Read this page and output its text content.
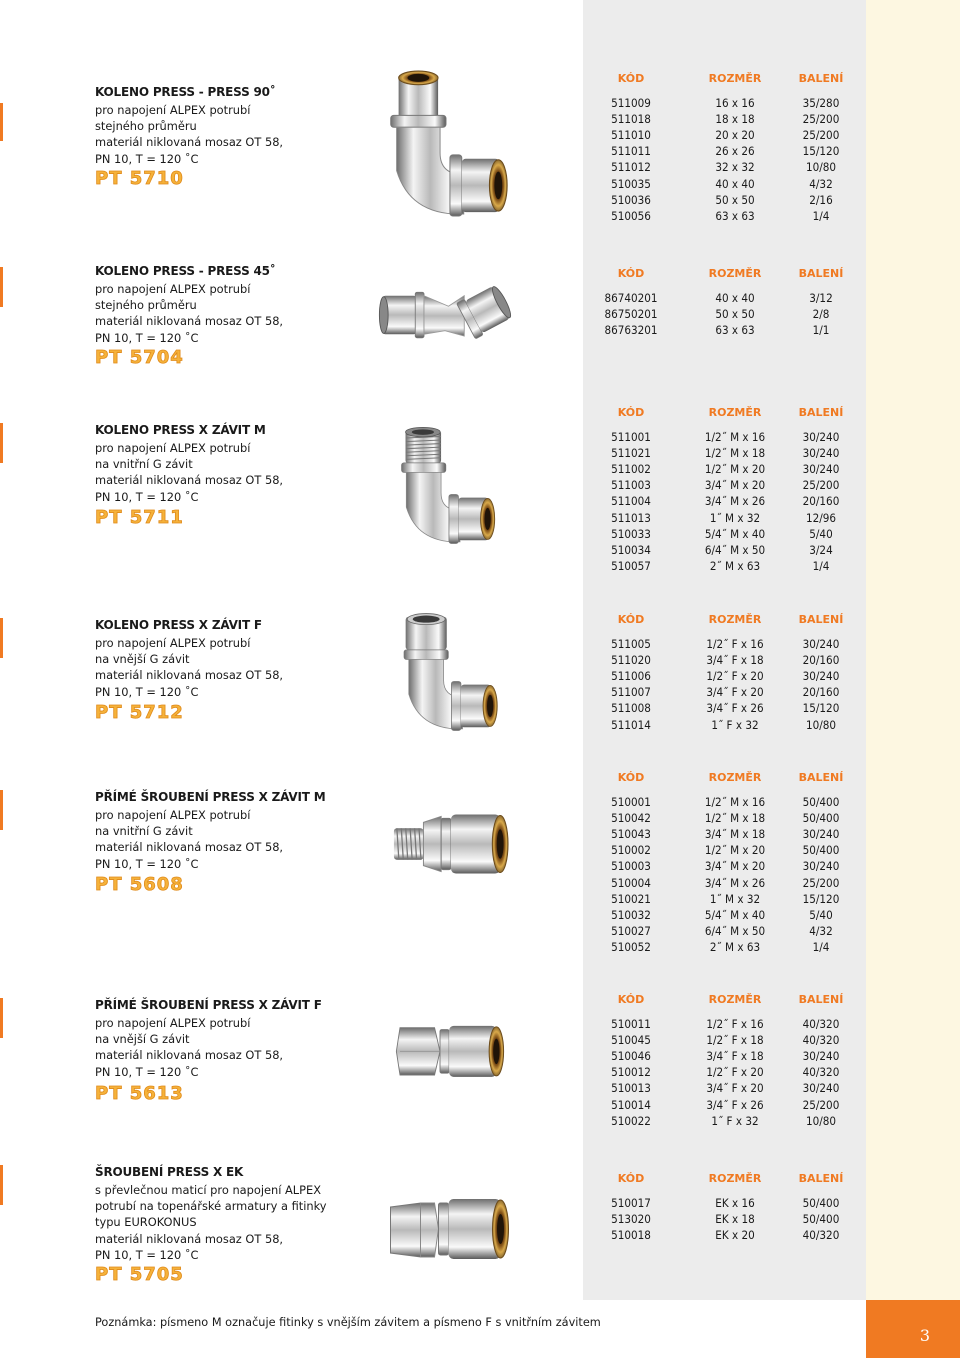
KOLENO PRESS - PRESS 90˚
pro napojení ALPEX potrubí
stejného průměru
materiál niklovaná mosaz OT 58,
PN 10, T = 120 ˚C
PT 5710
KÓD	ROZMĚR	BALENÍ
511009	16 x 16	35/280
511018	18 x 18	25/200
511010	20 x 20	25/200
511011	26 x 26	15/120
511012	32 x 32	10/80
510035	40 x 40	4/32
510036	50 x 50	2/16
510056	63 x 63	1/4
KOLENO PRESS - PRESS 45˚
pro napojení ALPEX potrubí
stejného průměru
materiál niklovaná mosaz OT 58,
PN 10, T = 120 ˚C
PT 5704
KÓD	ROZMĚR	BALENÍ
86740201	40 x 40	3/12
86750201	50 x 50	2/8
86763201	63 x 63	1/1
KOLENO PRESS X ZÁVIT M
pro napojení ALPEX potrubí
na vnitřní G závit
materiál niklovaná mosaz OT 58,
PN 10, T = 120 ˚C
PT 5711
KÓD	ROZMĚR	BALENÍ
511001	1/2˝ M x 16	30/240
511021	1/2˝ M x 18	30/240
511002	1/2˝ M x 20	30/240
511003	3/4˝ M x 20	25/200
511004	3/4˝ M x 26	20/160
511013	1˝ M x 32	12/96
510033	5/4˝ M x 40	5/40
510034	6/4˝ M x 50	3/24
510057	2˝ M x 63	1/4
KOLENO PRESS X ZÁVIT F
pro napojení ALPEX potrubí
na vnější G závit
materiál niklovaná mosaz OT 58,
PN 10, T = 120 ˚C
PT 5712
KÓD	ROZMĚR	BALENÍ
511005	1/2˝ F x 16	30/240
511020	3/4˝ F x 18	20/160
511006	1/2˝ F x 20	30/240
511007	3/4˝ F x 20	20/160
511008	3/4˝ F x 26	15/120
511014	1˝ F x 32	10/80
PŘÍMÉ ŠROUBENÍ PRESS X ZÁVIT M
pro napojení ALPEX potrubí
na vnitřní G závit
materiál niklovaná mosaz OT 58,
PN 10, T = 120 ˚C
PT 5608
KÓD	ROZMĚR	BALENÍ
510001	1/2˝ M x 16	50/400
510042	1/2˝ M x 18	50/400
510043	3/4˝ M x 18	30/240
510002	1/2˝ M x 20	50/400
510003	3/4˝ M x 20	30/240
510004	3/4˝ M x 26	25/200
510021	1˝ M x 32	15/120
510032	5/4˝ M x 40	5/40
510027	6/4˝ M x 50	4/32
510052	2˝ M x 63	1/4
PŘÍMÉ ŠROUBENÍ PRESS X ZÁVIT F
pro napojení ALPEX potrubí
na vnější G závit
materiál niklovaná mosaz OT 58,
PN 10, T = 120 ˚C
PT 5613
KÓD	ROZMĚR	BALENÍ
510011	1/2˝ F x 16	40/320
510045	1/2˝ F x 18	40/320
510046	3/4˝ F x 18	30/240
510012	1/2˝ F x 20	40/320
510013	3/4˝ F x 20	30/240
510014	3/4˝ F x 26	25/200
510022	1˝ F x 32	10/80
ŠROUBENÍ PRESS X EK
s převlečnou maticí pro napojení ALPEX
potrubí na topenářské armatury a fitinky
typu EUROKONUS
materiál niklovaná mosaz OT 58,
PN 10, T = 120 ˚C
PT 5705
KÓD	ROZMĚR	BALENÍ
510017	EK x 16	50/400
513020	EK x 18	50/400
510018	EK x 20	40/320
Poznámka: písmeno M označuje fitinky s vnějším závitem a písmeno F s vnitřním závitem
3
